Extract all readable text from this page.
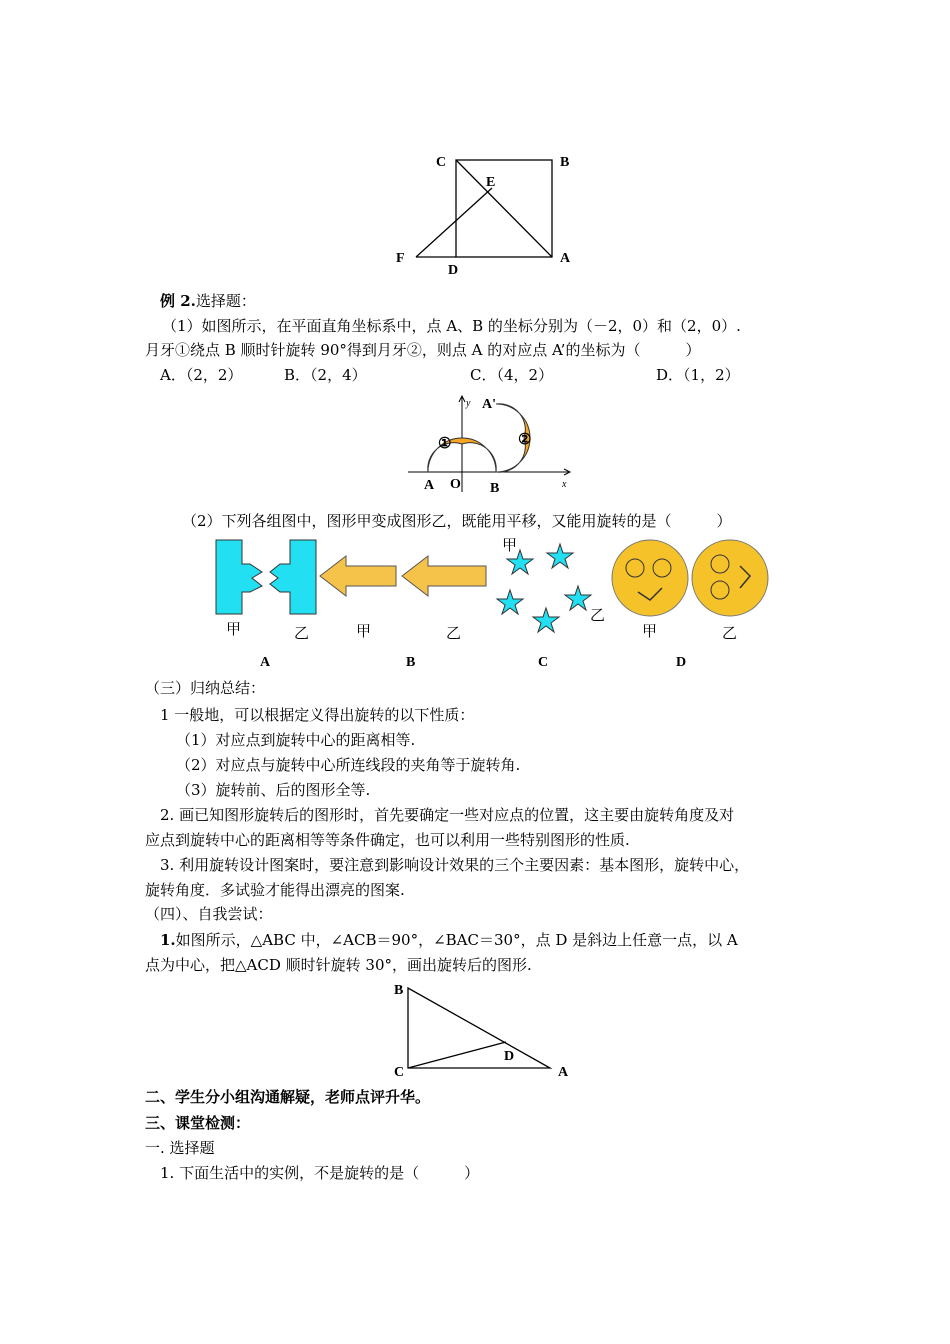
C	B
E
F
D
A
例 2.选择题：
（1）如图所示，在平面直角坐标系中，点 A、B 的坐标分别为（－2，0）和（2，0）.
月牙①绕点 B 顺时针旋转 90°得到月牙②，则点 A 的对应点 A’的坐标为（　　　）
A．（2，2）	B．（2，4）	C．（4，2）	D．（1，2）
①	②
y
x
A'
A O B
（2）下列各组图中，图形甲变成图形乙，既能用平移，又能用旋转的是（　　　）
甲	乙	甲	乙
甲
乙
甲	乙
A	B	C	D
（三）归纳总结：
1 一般地，可以根据定义得出旋转的以下性质：
（1）对应点到旋转中心的距离相等.
（2）对应点与旋转中心所连线段的夹角等于旋转角.
（3）旋转前、后的图形全等.
2. 画已知图形旋转后的图形时，首先要确定一些对应点的位置，这主要由旋转角度及对
应点到旋转中心的距离相等等条件确定，也可以利用一些特别图形的性质.
3. 利用旋转设计图案时，要注意到影响设计效果的三个主要因素：基本图形，旋转中心，
旋转角度．多试验才能得出漂亮的图案.
（四）、自我尝试：
1.如图所示，△ABC 中，∠ACB＝90°，∠BAC＝30°，点 D 是斜边上任意一点，以 A
点为中心，把△ACD 顺时针旋转 30°，画出旋转后的图形.
B
D
C	A
二、学生分小组沟通解疑，老师点评升华。
三、课堂检测：
一. 选择题
1. 下面生活中的实例，不是旋转的是（　　　）
